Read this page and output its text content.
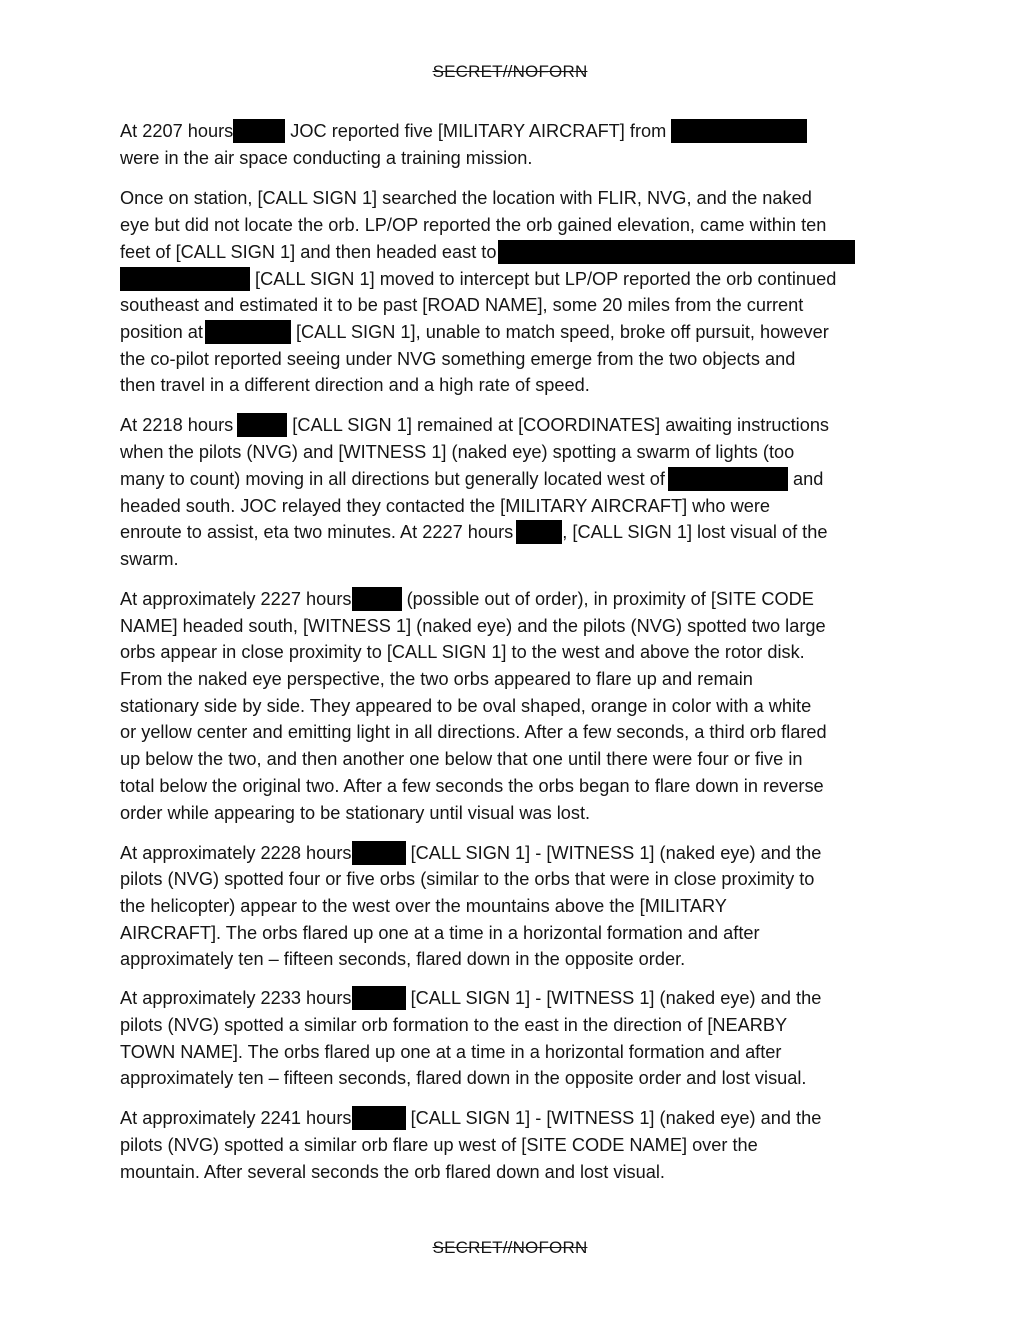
SECRET//NOFORN
At 2207 hours	JOC reported five [MILITARY AIRCRAFT] from
were in the air space conducting a training mission.
Once on station, [CALL SIGN 1] searched the location with FLIR, NVG, and the naked
eye but did not locate the orb. LP/OP reported the orb gained elevation, came within ten
feet of [CALL SIGN 1] and then headed east to
[CALL SIGN 1] moved to intercept but LP/OP reported the orb continued
southeast and estimated it to be past [ROAD NAME], some 20 miles from the current
position at	[CALL SIGN 1], unable to match speed, broke off pursuit, however
the co-pilot reported seeing under NVG something emerge from the two objects and
then travel in a different direction and a high rate of speed.
At 2218 hours	[CALL SIGN 1] remained at [COORDINATES] awaiting instructions
when the pilots (NVG) and [WITNESS 1] (naked eye) spotting a swarm of lights (too
many to count) moving in all directions but generally located west of	and
headed south. JOC relayed they contacted the [MILITARY AIRCRAFT] who were
enroute to assist, eta two minutes. At 2227 hours	, [CALL SIGN 1] lost visual of the
swarm.
At approximately 2227 hours	(possible out of order), in proximity of [SITE CODE
NAME] headed south, [WITNESS 1] (naked eye) and the pilots (NVG) spotted two large
orbs appear in close proximity to [CALL SIGN 1] to the west and above the rotor disk.
From the naked eye perspective, the two orbs appeared to flare up and remain
stationary side by side. They appeared to be oval shaped, orange in color with a white
or yellow center and emitting light in all directions. After a few seconds, a third orb flared
up below the two, and then another one below that one until there were four or five in
total below the original two. After a few seconds the orbs began to flare down in reverse
order while appearing to be stationary until visual was lost.
At approximately 2228 hours	[CALL SIGN 1] - [WITNESS 1] (naked eye) and the
pilots (NVG) spotted four or five orbs (similar to the orbs that were in close proximity to
the helicopter) appear to the west over the mountains above the [MILITARY
AIRCRAFT]. The orbs flared up one at a time in a horizontal formation and after
approximately ten – fifteen seconds, flared down in the opposite order.
At approximately 2233 hours	[CALL SIGN 1] - [WITNESS 1] (naked eye) and the
pilots (NVG) spotted a similar orb formation to the east in the direction of [NEARBY
TOWN NAME]. The orbs flared up one at a time in a horizontal formation and after
approximately ten – fifteen seconds, flared down in the opposite order and lost visual.
At approximately 2241 hours	[CALL SIGN 1] - [WITNESS 1] (naked eye) and the
pilots (NVG) spotted a similar orb flare up west of [SITE CODE NAME] over the
mountain. After several seconds the orb flared down and lost visual.
SECRET//NOFORN
